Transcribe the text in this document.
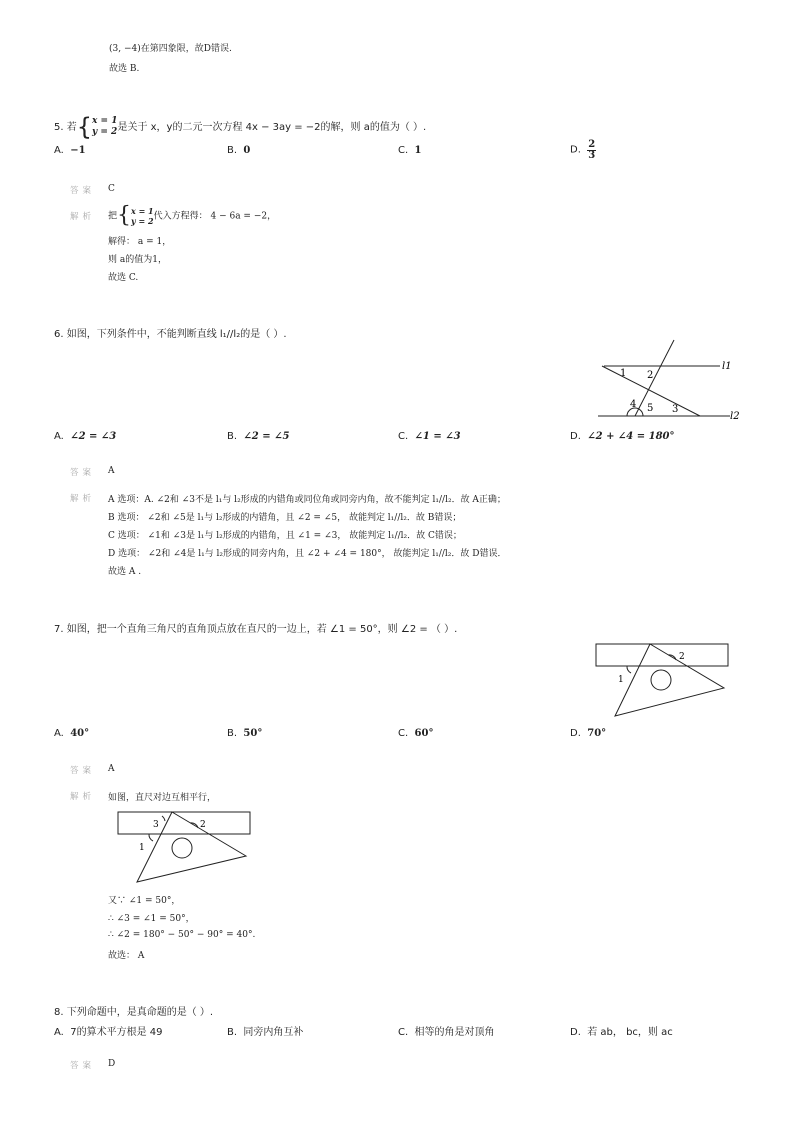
(3, −4)在第四象限，故D错误.
故选 B.
5. 若{x = 1
y = 2是关于 x，y的二元一次方程 4x − 3ay = −2的解，则 a的值为（ ）.
A. −1	B. 0	C. 1	D. $\frac{2}{3}$
答案 C
解析 把{x = 1
y = 2代入方程得： 4 − 6a = −2，
解得： a = 1，
则 a的值为1，
故选 C.
6. 如图，下列条件中，不能判断直线 l₁//l₂的是（ ）.
1 2
4 5 3
l1
l2
A. ∠2 = ∠3	B. ∠2 = ∠5	C. ∠1 = ∠3	D. ∠2 + ∠4 = 180°
答案 A
解析 A 选项：A. ∠2和 ∠3不是 l₁与 l₂形成的内错角或同位角或同旁内角，故不能判定 l₁//l₂．故 A正确；
B 选项： ∠2和 ∠5是 l₁与 l₂形成的内错角，且 ∠2 = ∠5， 故能判定 l₁//l₂．故 B错误；
C 选项： ∠1和 ∠3是 l₁与 l₂形成的内错角，且 ∠1 = ∠3， 故能判定 l₁//l₂．故 C错误；
D 选项： ∠2和 ∠4是 l₁与 l₂形成的同旁内角，且 ∠2 + ∠4 = 180°， 故能判定 l₁//l₂．故 D错误．
故选 A .
7. 如图，把一个直角三角尺的直角顶点放在直尺的一边上，若 ∠1 = 50°，则 ∠2 = （ ）.
1
2
A. 40°	B. 50°	C. 60°	D. 70°
答案 A
解析 如图，直尺对边互相平行，
1
2
3
又∵ ∠1 = 50°，
∴ ∠3 = ∠1 = 50°，
∴ ∠2 = 180° − 50° − 90° = 40°.
故选： A
8. 下列命题中，是真命题的是（ ）.
A. 7的算术平方根是 49	B. 同旁内角互补	C. 相等的角是对顶角	D. 若 ab， bc，则 ac
答案 D
